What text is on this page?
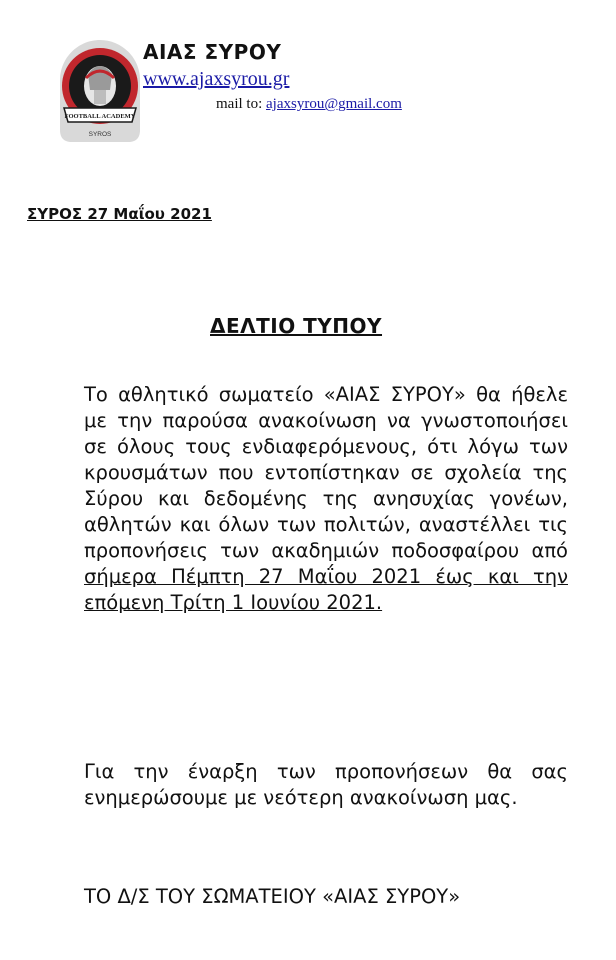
FOOTBALL ACADEMY
SYROS
ΑΙΑΣ ΣΥΡΟΥ
www.ajaxsyrou.gr
mail to: ajaxsyrou@gmail.com
ΣΥΡΟΣ 27 Μαΐου 2021
ΔΕΛΤΙΟ ΤΥΠΟΥ

Το αθλητικό σωματείο «ΑΙΑΣ ΣΥΡΟΥ» θα ήθελε με την παρούσα ανακοίνωση να γνωστοποιήσει σε όλους τους ενδιαφερόμενους, ότι λόγω των κρουσμάτων που εντοπίστηκαν σε σχολεία της Σύρου και δεδομένης της ανησυχίας γονέων, αθλητών και όλων των πολιτών, αναστέλλει τις προπονήσεις των ακαδημιών ποδοσφαίρου από σήμερα Πέμπτη 27 Μαΐου 2021 έως και την επόμενη Τρίτη 1 Ιουνίου 2021.

Για την έναρξη των προπονήσεων θα σας ενημερώσουμε με νεότερη ανακοίνωση μας.

ΤΟ Δ/Σ ΤΟΥ ΣΩΜΑΤΕΙΟΥ «ΑΙΑΣ ΣΥΡΟΥ»
